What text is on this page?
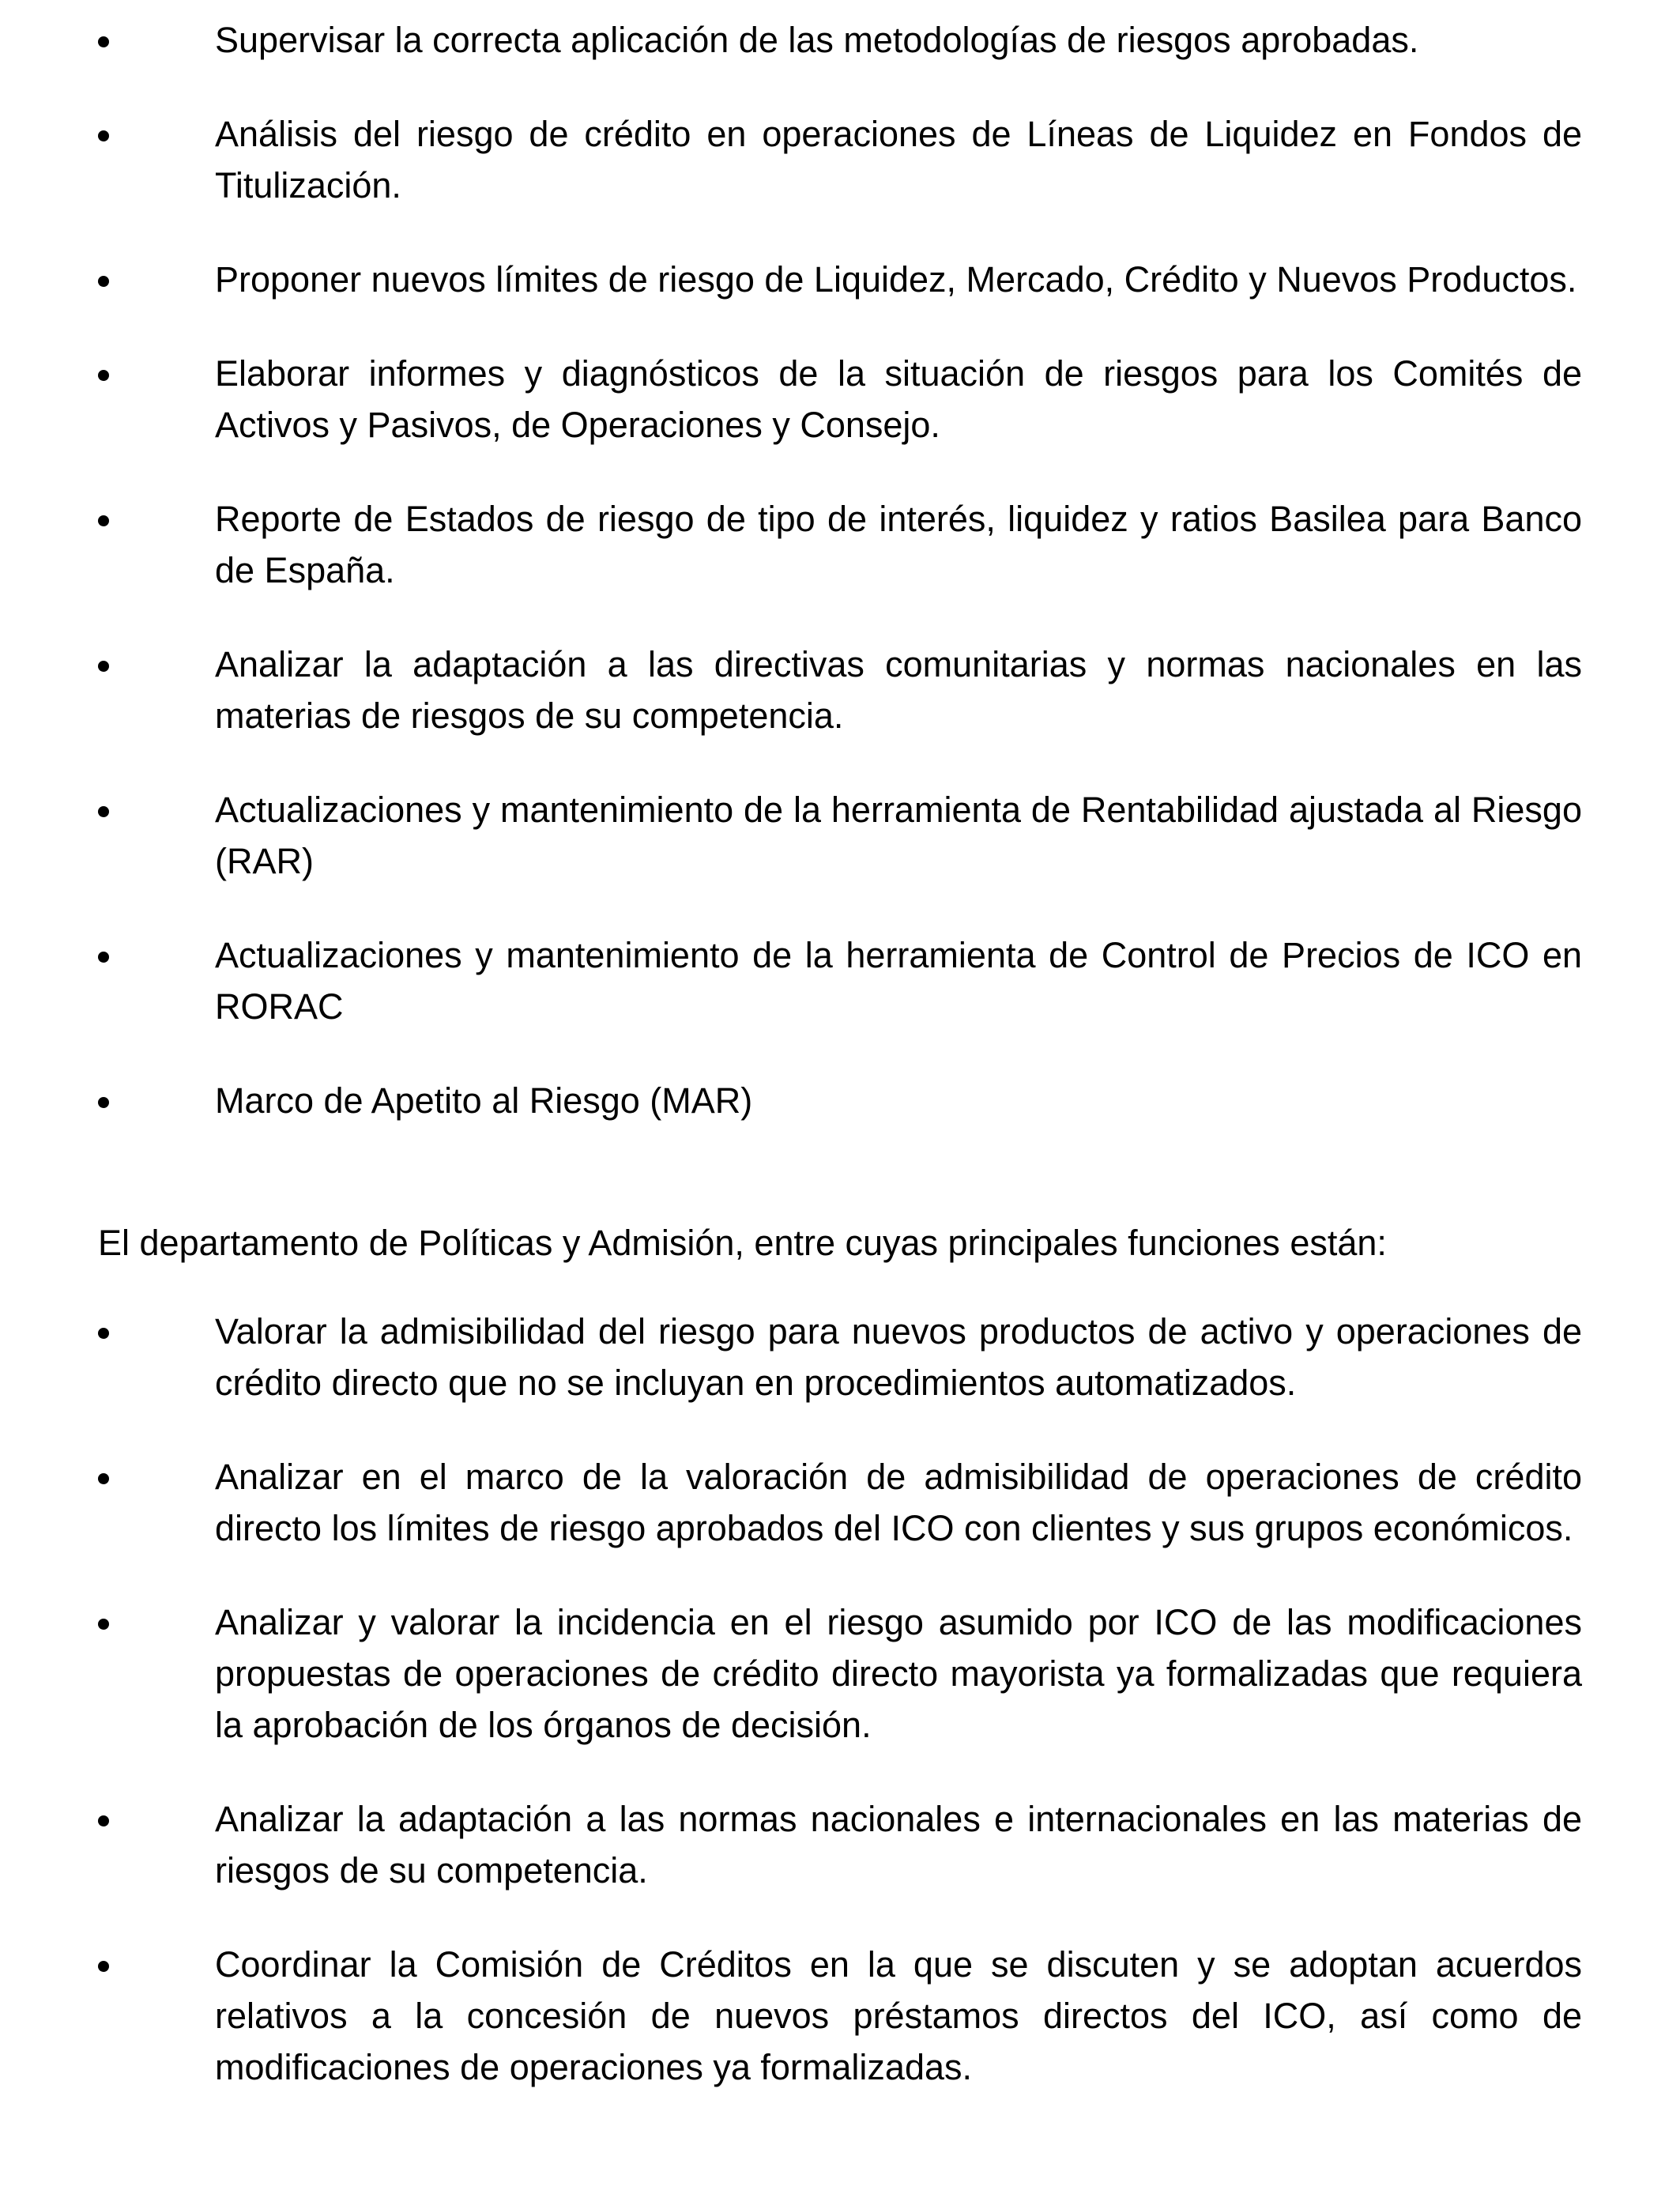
Supervisar la correcta aplicación de las metodologías de riesgos aprobadas.
Análisis del riesgo de crédito en operaciones de Líneas de Liquidez en Fondos de Titulización.
Proponer nuevos límites de riesgo de Liquidez, Mercado, Crédito y Nuevos Productos.
Elaborar informes y diagnósticos de la situación de riesgos para los Comités de Activos y Pasivos, de Operaciones y Consejo.
Reporte de Estados de riesgo de tipo de interés, liquidez y ratios Basilea para Banco de España.
Analizar la adaptación a las directivas comunitarias y normas nacionales en las materias de riesgos de su competencia.
Actualizaciones y mantenimiento de la herramienta de Rentabilidad ajustada al Riesgo (RAR)
Actualizaciones y mantenimiento de la herramienta de Control de Precios de ICO en RORAC
Marco de Apetito al Riesgo (MAR)

El departamento de Políticas y Admisión, entre cuyas principales funciones están:

Valorar la admisibilidad del riesgo para nuevos productos de activo y operaciones de crédito directo que no se incluyan en procedimientos automatizados.
Analizar en el marco de la valoración de admisibilidad de operaciones de crédito directo los límites de riesgo aprobados del ICO con clientes y sus grupos económicos.
Analizar y valorar la incidencia en el riesgo asumido por ICO de las modificaciones propuestas de operaciones de crédito directo mayorista ya formalizadas que requiera la aprobación de los órganos de decisión.
Analizar la adaptación a las normas nacionales e internacionales en las materias de riesgos de su competencia.
Coordinar la Comisión de Créditos en la que se discuten y se adoptan acuerdos relativos a la concesión de nuevos préstamos directos del ICO, así como de modificaciones de operaciones ya formalizadas.
